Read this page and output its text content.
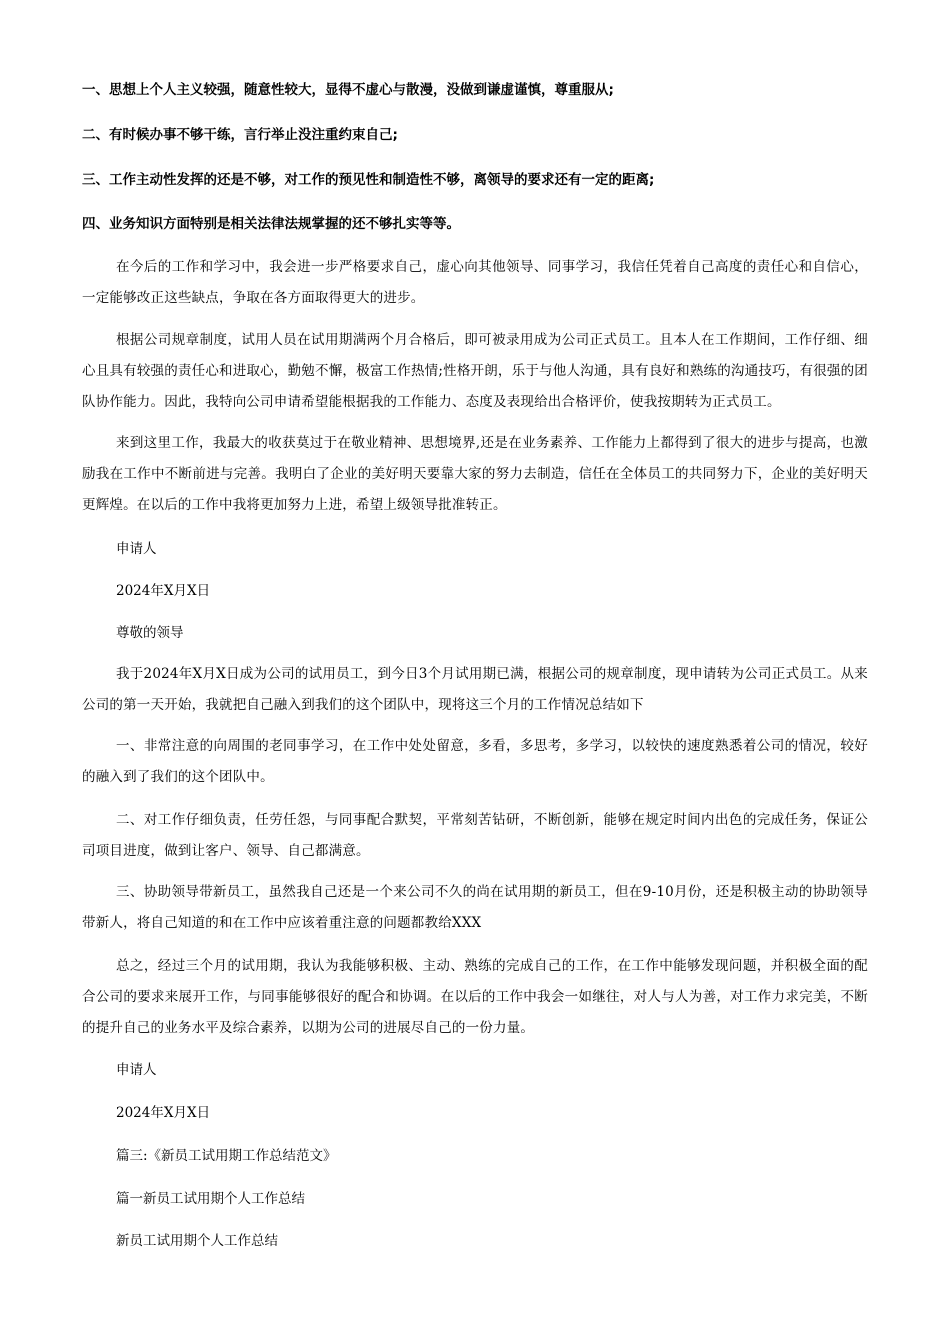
一、思想上个人主义较强，随意性较大，显得不虚心与散漫，没做到谦虚谨慎，尊重服从;
二、有时候办事不够干练，言行举止没注重约束自己;
三、工作主动性发挥的还是不够，对工作的预见性和制造性不够，离领导的要求还有一定的距离;
四、业务知识方面特别是相关法律法规掌握的还不够扎实等等。
在今后的工作和学习中，我会进一步严格要求自己，虚心向其他领导、同事学习，我信任凭着自己高度的责任心和自信心，一定能够改正这些缺点，争取在各方面取得更大的进步。
根据公司规章制度，试用人员在试用期满两个月合格后，即可被录用成为公司正式员工。且本人在工作期间，工作仔细、细心且具有较强的责任心和进取心，勤勉不懈，极富工作热情;性格开朗，乐于与他人沟通，具有良好和熟练的沟通技巧，有很强的团队协作能力。因此，我特向公司申请希望能根据我的工作能力、态度及表现给出合格评价，使我按期转为正式员工。
来到这里工作，我最大的收获莫过于在敬业精神、思想境界,还是在业务素养、工作能力上都得到了很大的进步与提高，也激励我在工作中不断前进与完善。我明白了企业的美好明天要靠大家的努力去制造，信任在全体员工的共同努力下，企业的美好明天更辉煌。在以后的工作中我将更加努力上进，希望上级领导批准转正。
申请人
2024年X月X日
尊敬的领导
我于2024年X月X日成为公司的试用员工，到今日3个月试用期已满，根据公司的规章制度，现申请转为公司正式员工。从来公司的第一天开始，我就把自己融入到我们的这个团队中，现将这三个月的工作情况总结如下
一、非常注意的向周围的老同事学习，在工作中处处留意，多看，多思考，多学习，以较快的速度熟悉着公司的情况，较好的融入到了我们的这个团队中。
二、对工作仔细负责，任劳任怨，与同事配合默契，平常刻苦钻研，不断创新，能够在规定时间内出色的完成任务，保证公司项目进度，做到让客户、领导、自己都满意。
三、协助领导带新员工，虽然我自己还是一个来公司不久的尚在试用期的新员工，但在9-10月份，还是积极主动的协助领导带新人，将自己知道的和在工作中应该着重注意的问题都教给XXX
总之，经过三个月的试用期，我认为我能够积极、主动、熟练的完成自己的工作，在工作中能够发现问题，并积极全面的配合公司的要求来展开工作，与同事能够很好的配合和协调。在以后的工作中我会一如继往，对人与人为善，对工作力求完美，不断的提升自己的业务水平及综合素养，以期为公司的进展尽自己的一份力量。
申请人
2024年X月X日
篇三:《新员工试用期工作总结范文》
篇一新员工试用期个人工作总结
新员工试用期个人工作总结
